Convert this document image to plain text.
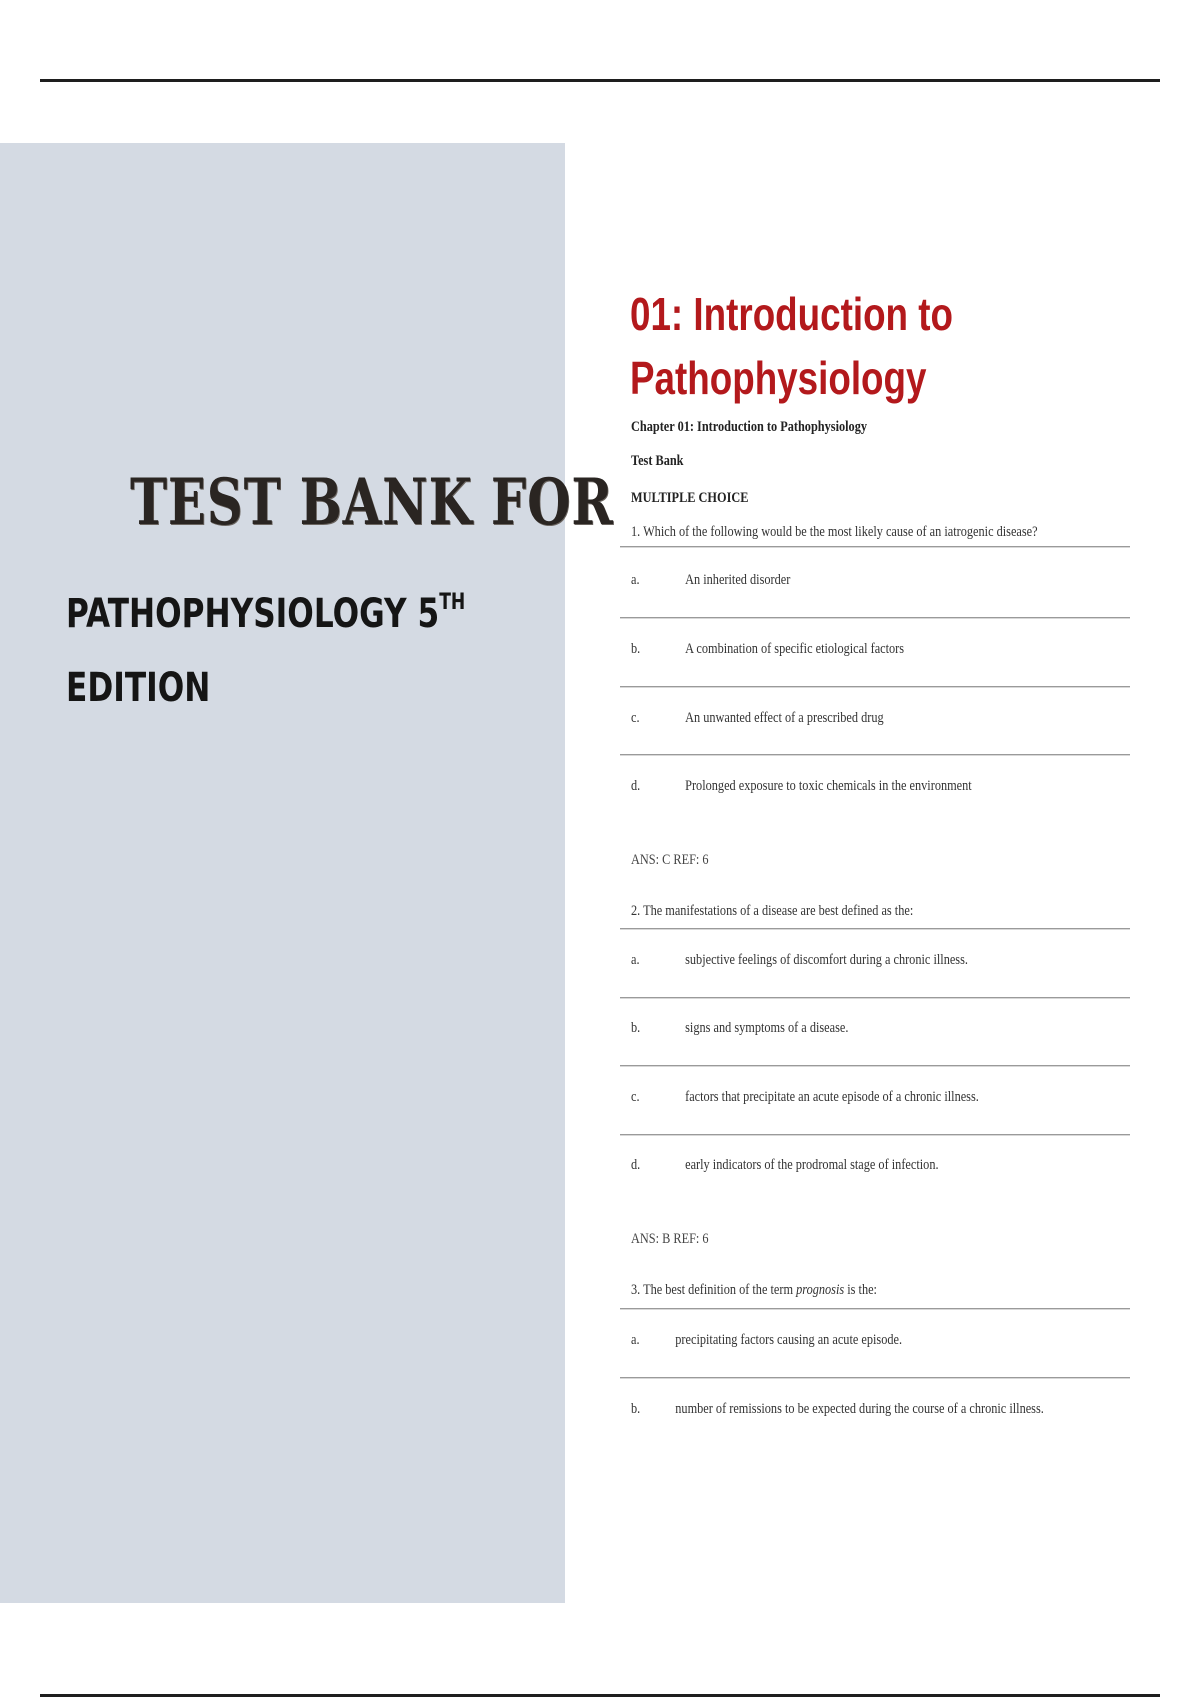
TEST BANK FOR
PATHOPHYSIOLOGY 5TH
EDITION
01: Introduction to Pathophysiology

Chapter 01: Introduction to Pathophysiology

Test Bank

MULTIPLE CHOICE

1. Which of the following would be the most likely cause of an iatrogenic disease?

a.	An inherited disorder
b.	A combination of specific etiological factors
c.	An unwanted effect of a prescribed drug
d.	Prolonged exposure to toxic chemicals in the environment

ANS: C REF: 6

2. The manifestations of a disease are best defined as the:

a.	subjective feelings of discomfort during a chronic illness.
b.	signs and symptoms of a disease.
c.	factors that precipitate an acute episode of a chronic illness.
d.	early indicators of the prodromal stage of infection.

ANS: B REF: 6

3. The best definition of the term prognosis is the:

a. precipitating factors causing an acute episode.
b. number of remissions to be expected during the course of a chronic illness.
